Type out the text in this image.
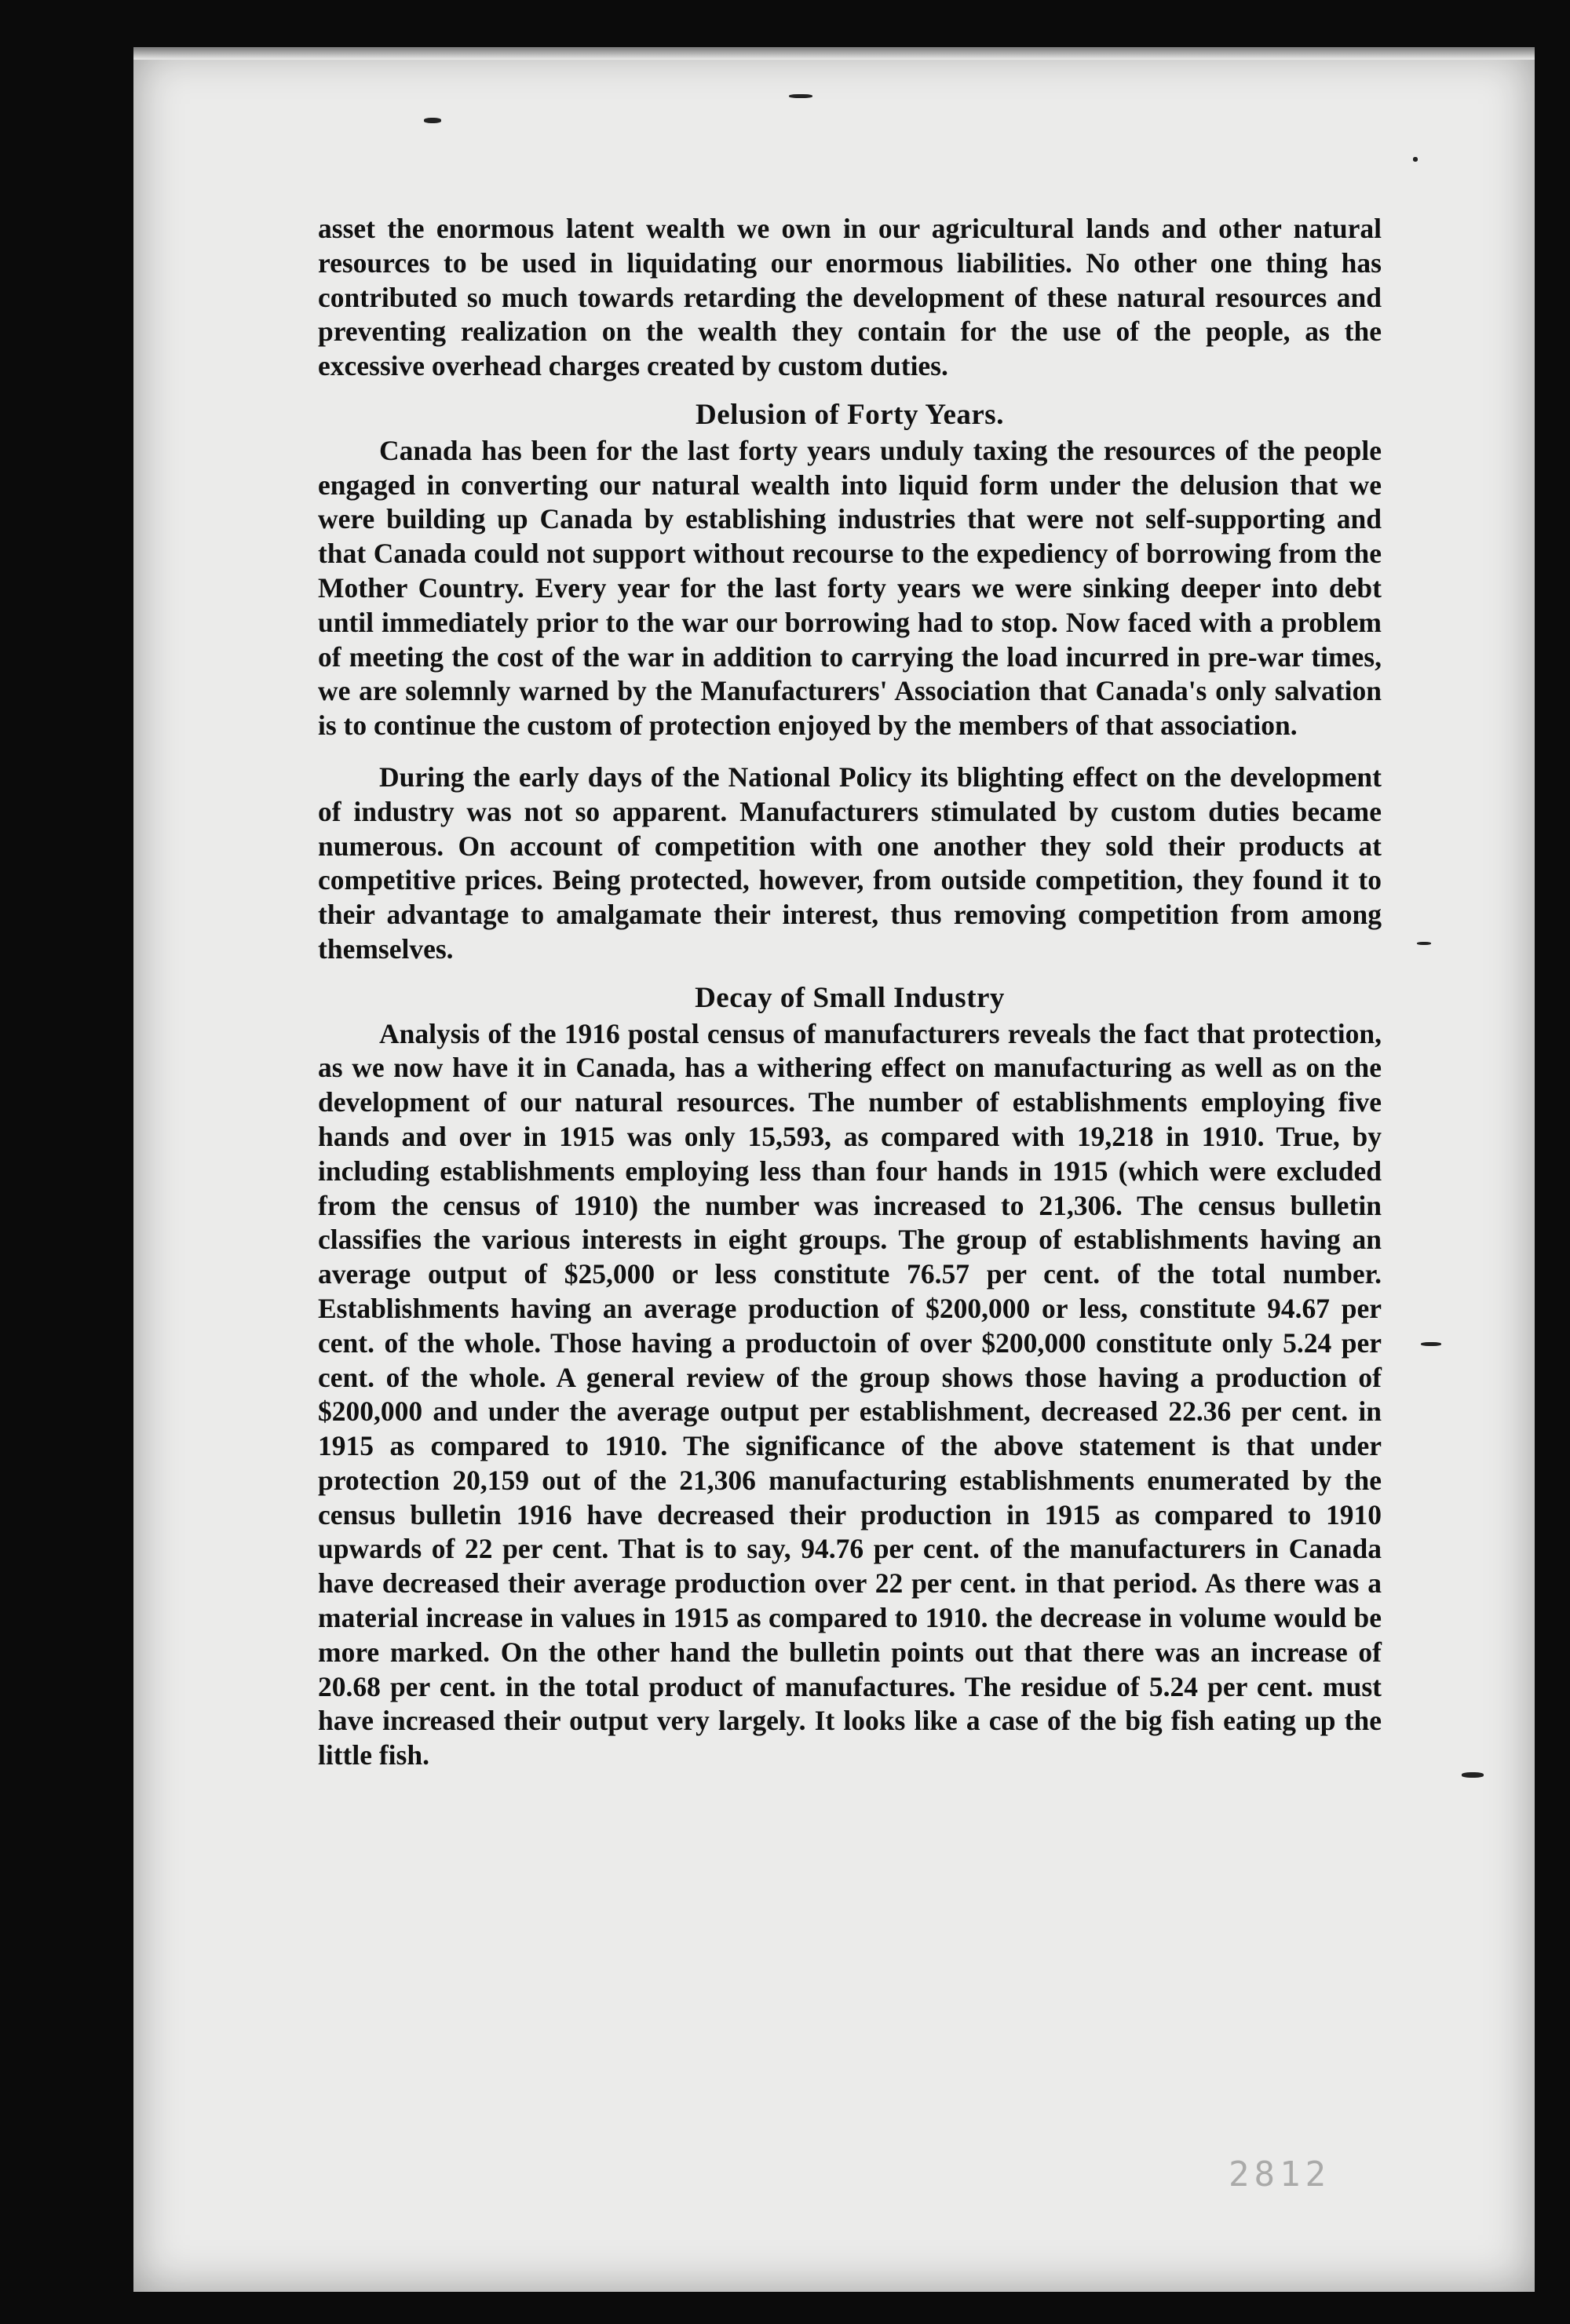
asset the enormous latent wealth we own in our agricultural lands and other natural resources to be used in liquidating our enormous liabilities. No other one thing has contributed so much towards retarding the development of these natural resources and preventing realization on the wealth they contain for the use of the people, as the excessive overhead charges created by custom duties.

Delusion of Forty Years.

Canada has been for the last forty years unduly taxing the resources of the people engaged in converting our natural wealth into liquid form under the delusion that we were building up Canada by establishing industries that were not self-supporting and that Canada could not support without recourse to the expediency of borrowing from the Mother Country. Every year for the last forty years we were sinking deeper into debt until immediately prior to the war our borrowing had to stop. Now faced with a problem of meeting the cost of the war in addition to carrying the load incurred in pre-war times, we are solemnly warned by the Manufacturers' Association that Canada's only salvation is to continue the custom of protection enjoyed by the members of that association.

During the early days of the National Policy its blighting effect on the development of industry was not so apparent. Manufacturers stimulated by custom duties became numerous. On account of competition with one another they sold their products at competitive prices. Being protected, however, from outside competition, they found it to their advantage to amalgamate their interest, thus removing competition from among themselves.

Decay of Small Industry

Analysis of the 1916 postal census of manufacturers reveals the fact that protection, as we now have it in Canada, has a withering effect on manufacturing as well as on the development of our natural resources. The number of establishments employing five hands and over in 1915 was only 15,593, as compared with 19,218 in 1910. True, by including establishments employing less than four hands in 1915 (which were excluded from the census of 1910) the number was increased to 21,306. The census bulletin classifies the various interests in eight groups. The group of establishments having an average output of $25,000 or less constitute 76.57 per cent. of the total number. Establishments having an average production of $200,000 or less, constitute 94.67 per cent. of the whole. Those having a productoin of over $200,000 constitute only 5.24 per cent. of the whole. A general review of the group shows those having a production of $200,000 and under the average output per establishment, decreased 22.36 per cent. in 1915 as compared to 1910. The significance of the above statement is that under protection 20,159 out of the 21,306 manufacturing establishments enumerated by the census bulletin 1916 have decreased their production in 1915 as compared to 1910 upwards of 22 per cent. That is to say, 94.76 per cent. of the manufacturers in Canada have decreased their average production over 22 per cent. in that period. As there was a material increase in values in 1915 as compared to 1910. the decrease in volume would be more marked. On the other hand the bulletin points out that there was an increase of 20.68 per cent. in the total product of manufactures. The residue of 5.24 per cent. must have increased their output very largely. It looks like a case of the big fish eating up the little fish.

2812
